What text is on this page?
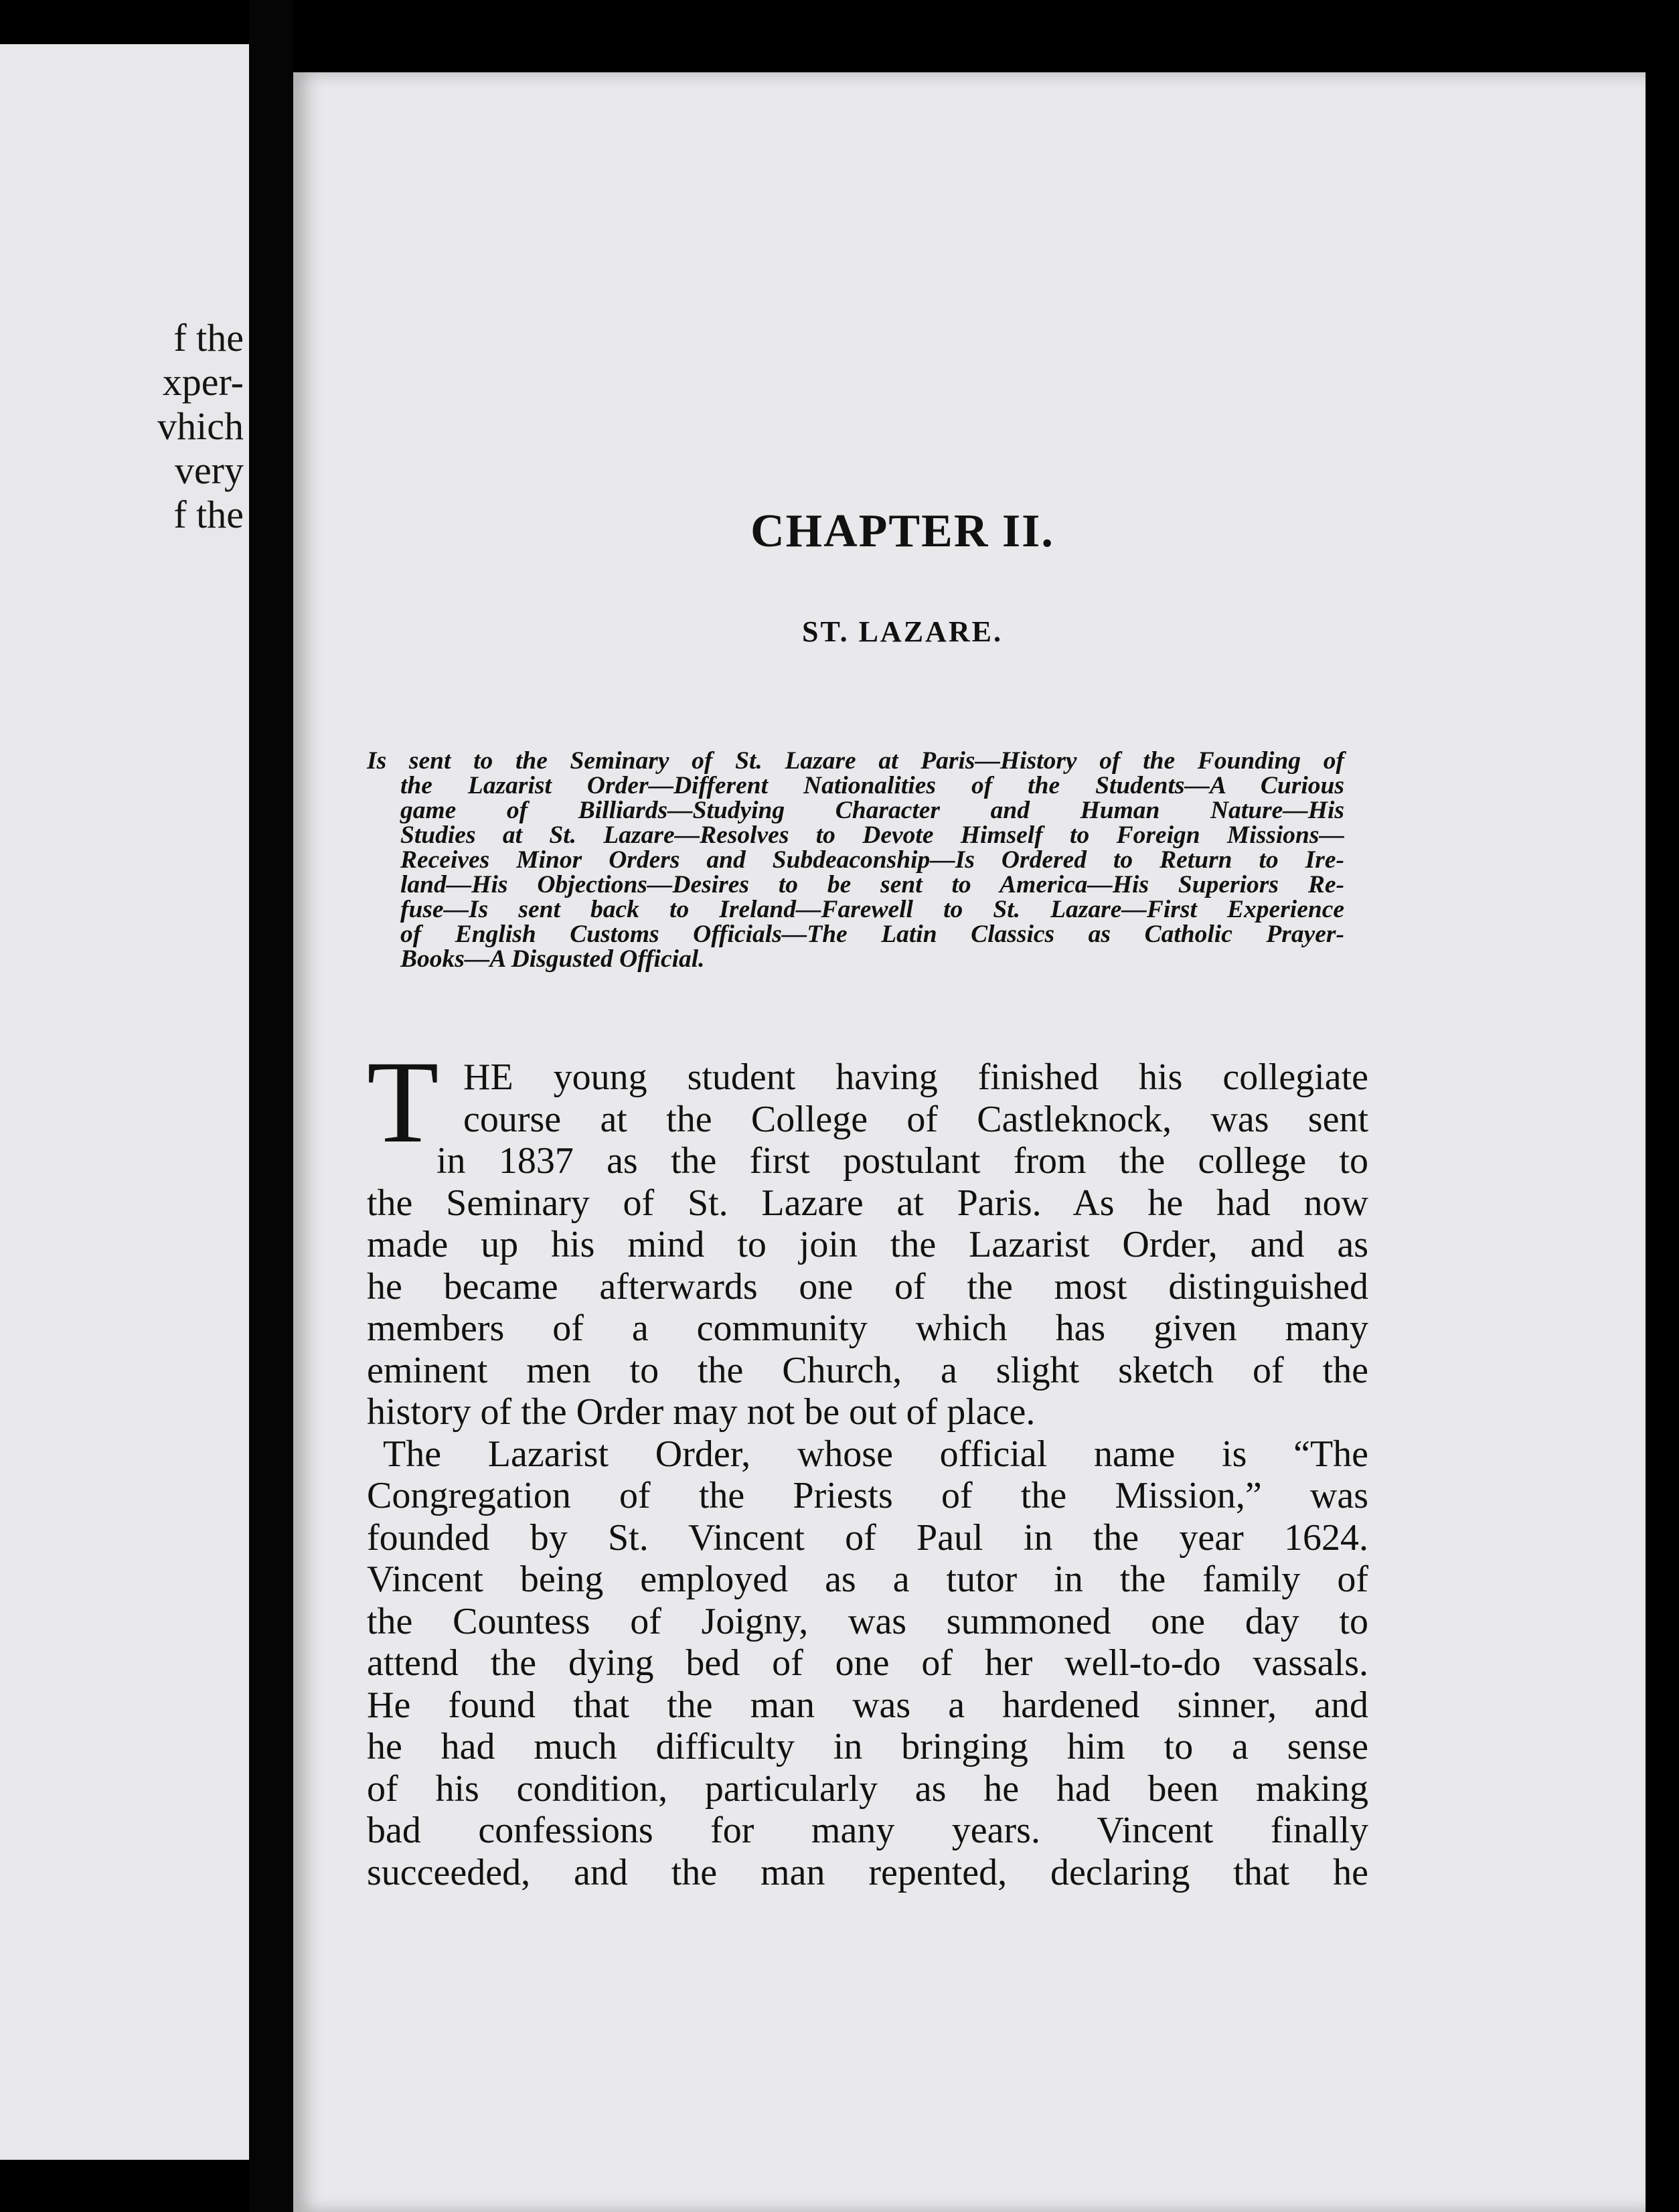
f the
xper-
vhich
very
f the	CHAPTER II.
ST. LAZARE.
Is sent to the Seminary of St. Lazare at Paris—History of the Founding of
the Lazarist Order—Different Nationalities of the Students—A Curious
game of Billiards—Studying Character and Human Nature—His
Studies at St. Lazare—Resolves to Devote Himself to Foreign Missions—
Receives Minor Orders and Subdeaconship—Is Ordered to Return to Ire-
land—His Objections—Desires to be sent to America—His Superiors Re-
fuse—Is sent back to Ireland—Farewell to St. Lazare—First Experience
of English Customs Officials—The Latin Classics as Catholic Prayer-
Books—A Disgusted Official.
T HE young student having finished his collegiate
course at the College of Castleknock, was sent
in 1837 as the first postulant from the college to
the Seminary of St. Lazare at Paris. As he had now
made up his mind to join the Lazarist Order, and as
he became afterwards one of the most distinguished
members of a community which has given many
eminent men to the Church, a slight sketch of the
history of the Order may not be out of place.
The Lazarist Order, whose official name is “The
Congregation of the Priests of the Mission,” was
founded by St. Vincent of Paul in the year 1624.
Vincent being employed as a tutor in the family of
the Countess of Joigny, was summoned one day to
attend the dying bed of one of her well-to-do vassals.
He found that the man was a hardened sinner, and
he had much difficulty in bringing him to a sense
of his condition, particularly as he had been making
bad confessions for many years. Vincent finally
succeeded, and the man repented, declaring that he
